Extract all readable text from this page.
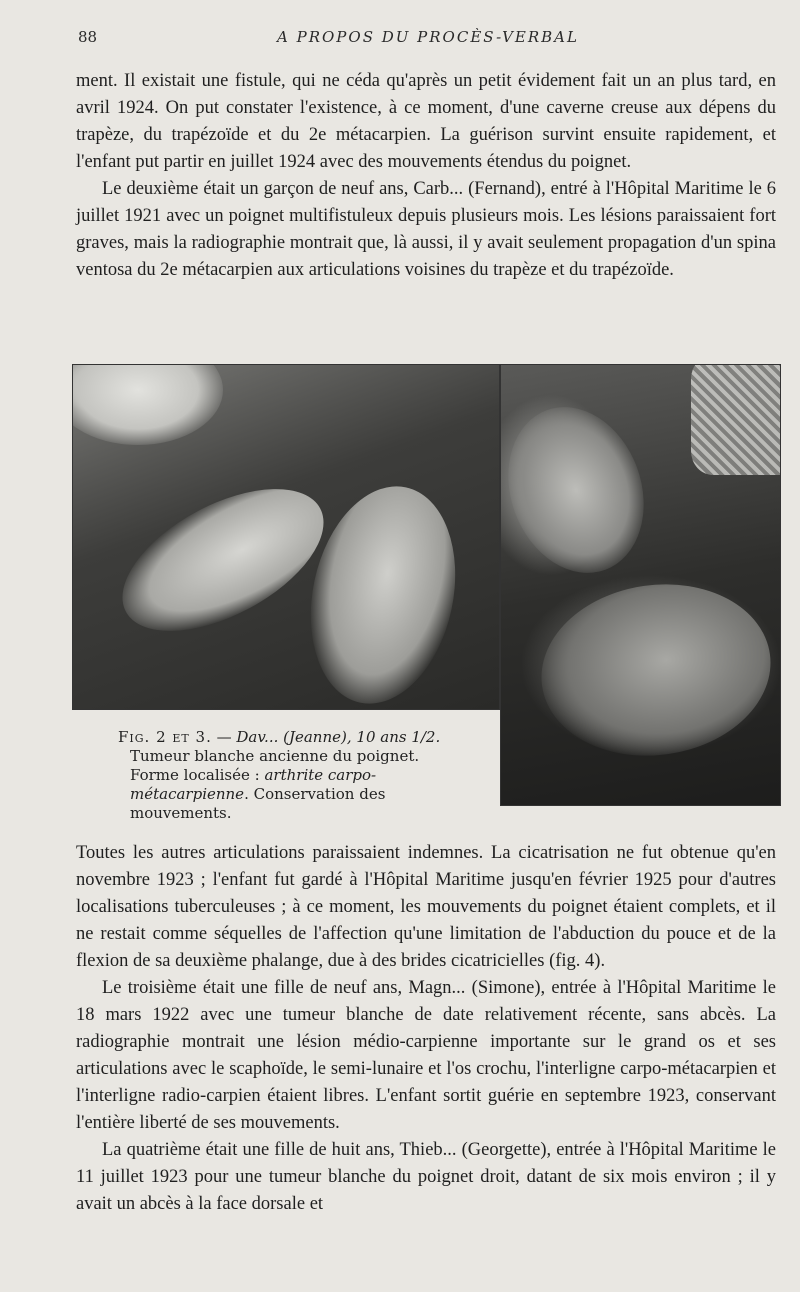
88	A PROPOS DU PROCÈS-VERBAL

ment. Il existait une fistule, qui ne céda qu'après un petit évidement fait un an plus tard, en avril 1924. On put constater l'existence, à ce moment, d'une caverne creuse aux dépens du trapèze, du trapézoïde et du 2e métacarpien. La guérison survint ensuite rapidement, et l'enfant put partir en juillet 1924 avec des mouvements étendus du poignet.

Le deuxième était un garçon de neuf ans, Carb... (Fernand), entré à l'Hôpital Maritime le 6 juillet 1921 avec un poignet multifistuleux depuis plusieurs mois. Les lésions paraissaient fort graves, mais la radiographie montrait que, là aussi, il y avait seulement propagation d'un spina ventosa du 2e métacarpien aux articulations voisines du trapèze et du trapézoïde.

Fig. 2 et 3. — Dav... (Jeanne), 10 ans 1/2. Tumeur blanche ancienne du poignet. Forme localisée : arthrite carpo-métacarpienne. Conservation des mouvements.

Toutes les autres articulations paraissaient indemnes. La cicatrisation ne fut obtenue qu'en novembre 1923 ; l'enfant fut gardé à l'Hôpital Maritime jusqu'en février 1925 pour d'autres localisations tuberculeuses ; à ce moment, les mouvements du poignet étaient complets, et il ne restait comme séquelles de l'affection qu'une limitation de l'abduction du pouce et de la flexion de sa deuxième phalange, due à des brides cicatricielles (fig. 4).

Le troisième était une fille de neuf ans, Magn... (Simone), entrée à l'Hôpital Maritime le 18 mars 1922 avec une tumeur blanche de date relativement récente, sans abcès. La radiographie montrait une lésion médio-carpienne importante sur le grand os et ses articulations avec le scaphoïde, le semi-lunaire et l'os crochu, l'interligne carpo-métacarpien et l'interligne radio-carpien étaient libres. L'enfant sortit guérie en septembre 1923, conservant l'entière liberté de ses mouvements.

La quatrième était une fille de huit ans, Thieb... (Georgette), entrée à l'Hôpital Maritime le 11 juillet 1923 pour une tumeur blanche du poignet droit, datant de six mois environ ; il y avait un abcès à la face dorsale et
